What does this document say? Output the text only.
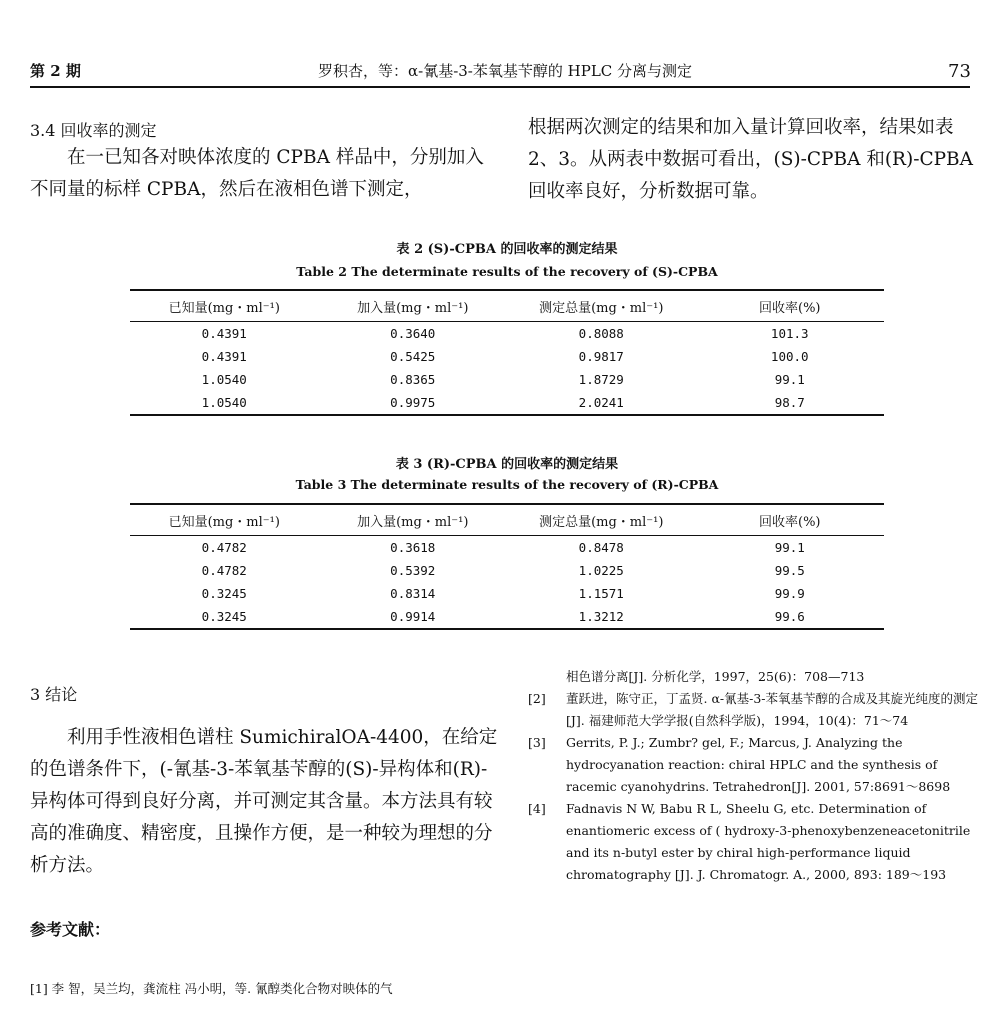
第 2 期	罗积杏，等：α-氰基-3-苯氧基苄醇的 HPLC 分离与测定	73
3.4 回收率的测定
在一已知各对映体浓度的 CPBA 样品中，分别加入不同量的标样 CPBA，然后在液相色谱下测定，
根据两次测定的结果和加入量计算回收率，结果如表 2、3。从两表中数据可看出，(S)-CPBA 和(R)-CPBA 回收率良好，分析数据可靠。
表 2 (S)-CPBA 的回收率的测定结果
Table 2 The determinate results of the recovery of (S)-CPBA
已知量(mg・ml⁻¹)	加入量(mg・ml⁻¹)	测定总量(mg・ml⁻¹)	回收率(%)
0.4391	0.3640	0.8088	101.3
0.4391	0.5425	0.9817	100.0
1.0540	0.8365	1.8729	99.1
1.0540	0.9975	2.0241	98.7
表 3 (R)-CPBA 的回收率的测定结果
Table 3 The determinate results of the recovery of (R)-CPBA
已知量(mg・ml⁻¹)	加入量(mg・ml⁻¹)	测定总量(mg・ml⁻¹)	回收率(%)
0.4782	0.3618	0.8478	99.1
0.4782	0.5392	1.0225	99.5
0.3245	0.8314	1.1571	99.9
0.3245	0.9914	1.3212	99.6
3 结论
利用手性液相色谱柱 SumichiralOA-4400，在给定的色谱条件下，(-氰基-3-苯氧基苄醇的(S)-异构体和(R)-异构体可得到良好分离，并可测定其含量。本方法具有较高的准确度、精密度，且操作方便，是一种较为理想的分析方法。
参考文献：
[1] 李 智，吴兰均，龚流柱 冯小明，等. 氰醇类化合物对映体的气
相色谱分离[J]. 分析化学，1997，25(6)：708—713
[2] 董跃进，陈守正，丁孟贤. α-氰基-3-苯氧基苄醇的合成及其旋光纯度的测定[J]. 福建师范大学学报(自然科学版)，1994，10(4)：71～74
[3] Gerrits, P. J.; Zumbr? gel, F.; Marcus, J. Analyzing the hydrocyanation reaction: chiral HPLC and the synthesis of racemic cyanohydrins. Tetrahedron[J]. 2001, 57:8691～8698
[4] Fadnavis N W, Babu R L, Sheelu G, etc. Determination of enantiomeric excess of ( hydroxy-3-phenoxybenzeneacetonitrile and its n-butyl ester by chiral high-performance liquid chromatography [J]. J. Chromatogr. A., 2000, 893: 189～193
